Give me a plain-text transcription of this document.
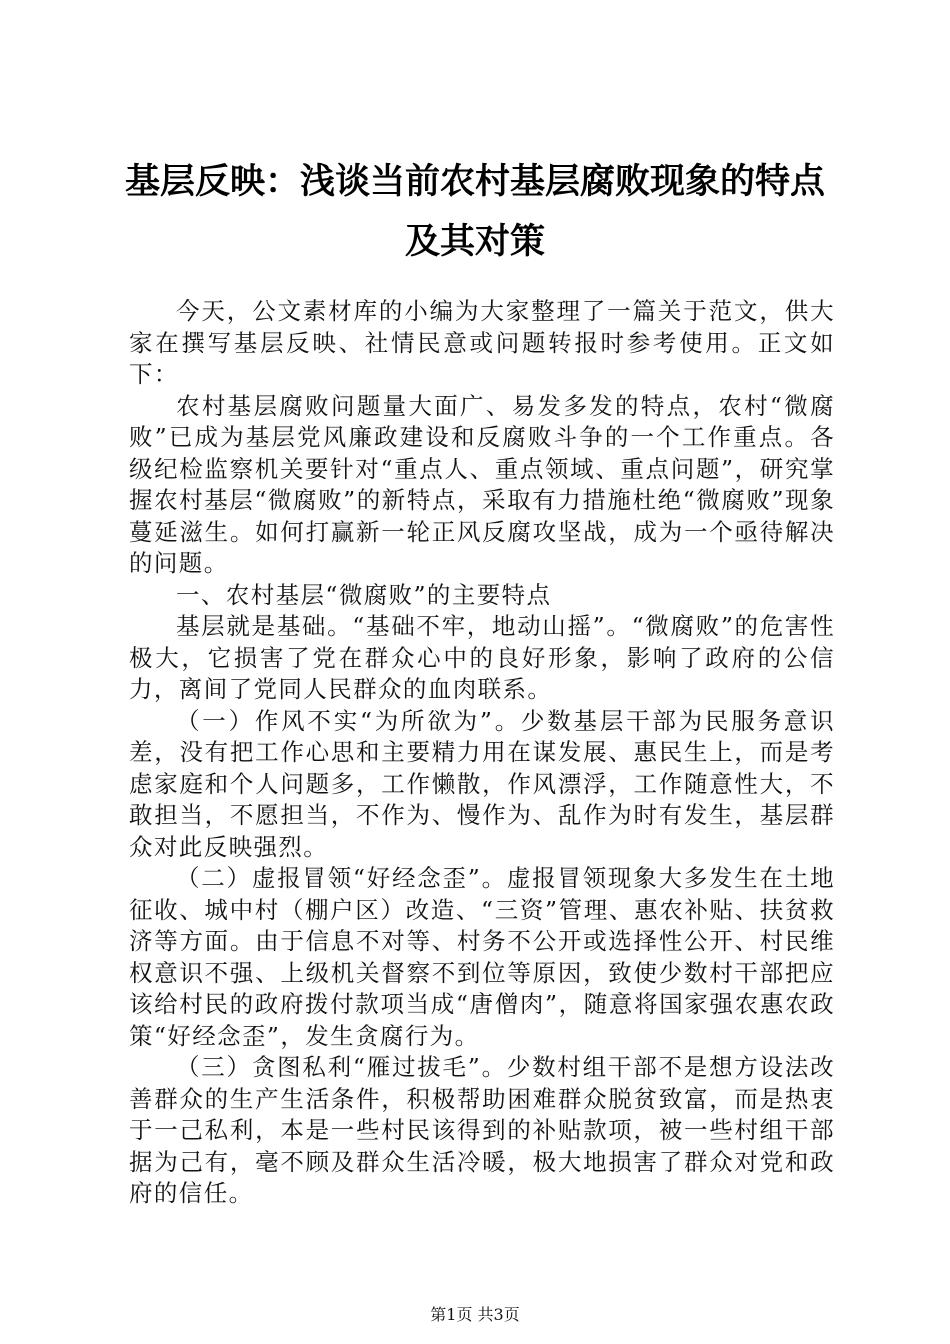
基层反映：浅谈当前农村基层腐败现象的特点
及其对策

今天，公文素材库的小编为大家整理了一篇关于范文，供大家在撰写基层反映、社情民意或问题转报时参考使用。正文如下：

农村基层腐败问题量大面广、易发多发的特点，农村“微腐败”已成为基层党风廉政建设和反腐败斗争的一个工作重点。各级纪检监察机关要针对“重点人、重点领域、重点问题”，研究掌握农村基层“微腐败”的新特点，采取有力措施杜绝“微腐败”现象蔓延滋生。如何打赢新一轮正风反腐攻坚战，成为一个亟待解决的问题。

一、农村基层“微腐败”的主要特点

基层就是基础。“基础不牢，地动山摇”。“微腐败”的危害性极大，它损害了党在群众心中的良好形象，影响了政府的公信力，离间了党同人民群众的血肉联系。

（一）作风不实“为所欲为”。少数基层干部为民服务意识差，没有把工作心思和主要精力用在谋发展、惠民生上，而是考虑家庭和个人问题多，工作懒散，作风漂浮，工作随意性大，不敢担当，不愿担当，不作为、慢作为、乱作为时有发生，基层群众对此反映强烈。

（二）虚报冒领“好经念歪”。虚报冒领现象大多发生在土地征收、城中村（棚户区）改造、“三资”管理、惠农补贴、扶贫救济等方面。由于信息不对等、村务不公开或选择性公开、村民维权意识不强、上级机关督察不到位等原因，致使少数村干部把应该给村民的政府拨付款项当成“唐僧肉”，随意将国家强农惠农政策“好经念歪”，发生贪腐行为。

（三）贪图私利“雁过拔毛”。少数村组干部不是想方设法改善群众的生产生活条件，积极帮助困难群众脱贫致富，而是热衷于一己私利，本是一些村民该得到的补贴款项，被一些村组干部据为己有，毫不顾及群众生活冷暖，极大地损害了群众对党和政府的信任。

第1页 共3页
